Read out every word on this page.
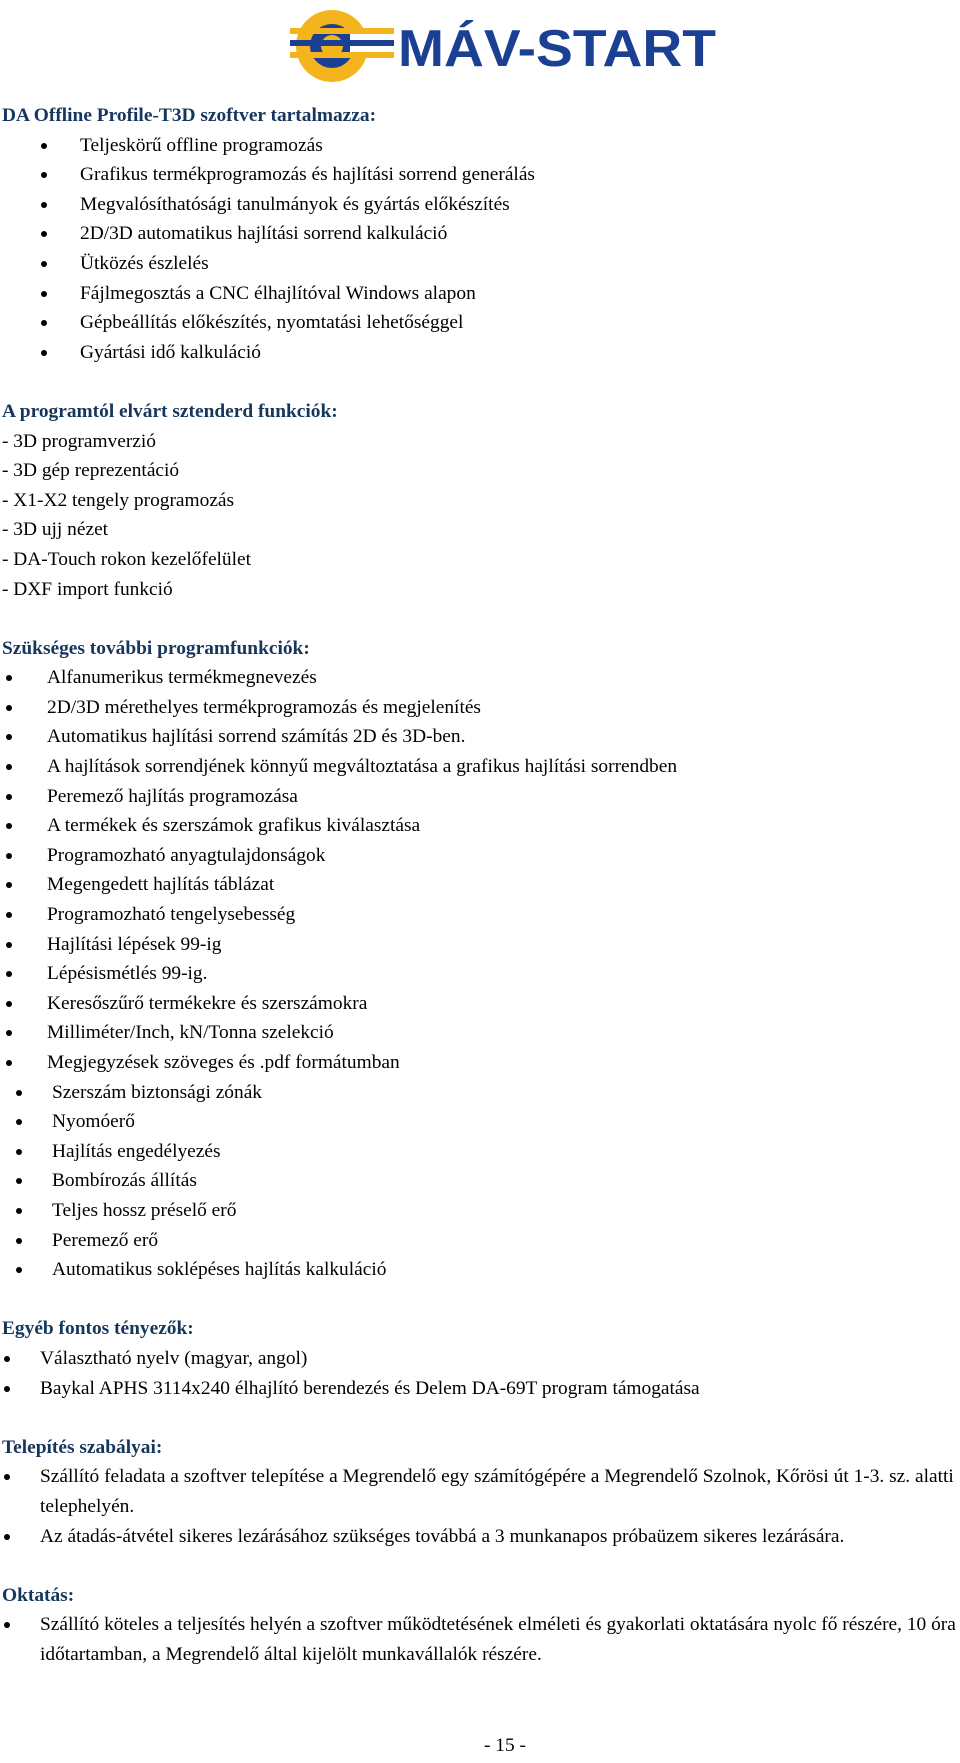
MÁV-START

DA Offline Profile-T3D szoftver tartalmazza:

Teljeskörű offline programozás
Grafikus termékprogramozás és hajlítási sorrend generálás
Megvalósíthatósági tanulmányok és gyártás előkészítés
2D/3D automatikus hajlítási sorrend kalkuláció
Ütközés észlelés
Fájlmegosztás a CNC élhajlítóval Windows alapon
Gépbeállítás előkészítés, nyomtatási lehetőséggel
Gyártási idő kalkuláció

A programtól elvárt sztenderd funkciók:

- 3D programverzió

- 3D gép reprezentáció

- X1-X2 tengely programozás

- 3D ujj nézet

- DA-Touch rokon kezelőfelület

- DXF import funkció

Szükséges további programfunkciók:

Alfanumerikus termékmegnevezés
2D/3D mérethelyes termékprogramozás és megjelenítés
Automatikus hajlítási sorrend számítás 2D és 3D-ben.
A hajlítások sorrendjének könnyű megváltoztatása a grafikus hajlítási sorrendben
Peremező hajlítás programozása
A termékek és szerszámok grafikus kiválasztása
Programozható anyagtulajdonságok
Megengedett hajlítás táblázat
Programozható tengelysebesség
Hajlítási lépések 99-ig
Lépésismétlés 99-ig.
Keresőszűrő termékekre és szerszámokra
Milliméter/Inch, kN/Tonna szelekció
Megjegyzések szöveges és .pdf formátumban
Szerszám biztonsági zónák
Nyomóerő
Hajlítás engedélyezés
Bombírozás állítás
Teljes hossz préselő erő
Peremező erő
Automatikus soklépéses hajlítás kalkuláció

Egyéb fontos tényezők:

Választható nyelv (magyar, angol)
Baykal APHS 3114x240 élhajlító berendezés és Delem DA-69T program támogatása

Telepítés szabályai:

Szállító feladata a szoftver telepítése a Megrendelő egy számítógépére a Megrendelő Szolnok, Kőrösi út 1-3. sz. alatti telephelyén.
Az átadás-átvétel sikeres lezárásához szükséges továbbá a 3 munkanapos próbaüzem sikeres lezárására.

Oktatás:

Szállító köteles a teljesítés helyén a szoftver működtetésének elméleti és gyakorlati oktatására nyolc fő részére, 10 óra időtartamban, a Megrendelő által kijelölt munkavállalók részére.
- 15 -
